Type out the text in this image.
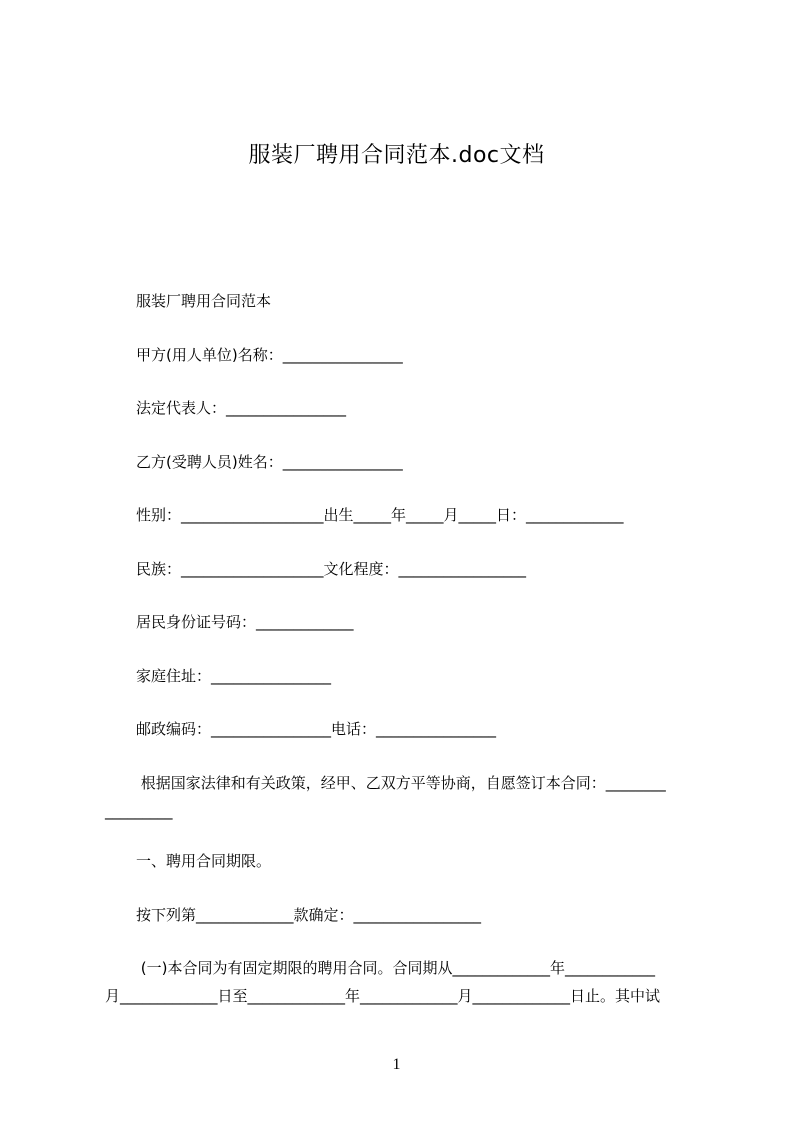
服装厂聘用合同范本.doc文档
服装厂聘用合同范本
甲方(用人单位)名称：________________
法定代表人：________________
乙方(受聘人员)姓名：________________
性别：___________________出生_____年_____月_____日：_____________
民族：___________________文化程度：_________________
居民身份证号码：_____________
家庭住址：________________
邮政编码：________________电话：________________
根据国家法律和有关政策，经甲、乙双方平等协商，自愿签订本合同：________
_________
一、聘用合同期限。
按下列第_____________款确定：_________________
(一)本合同为有固定期限的聘用合同。合同期从_____________年____________
月_____________日至_____________年_____________月_____________日止。其中试
1
